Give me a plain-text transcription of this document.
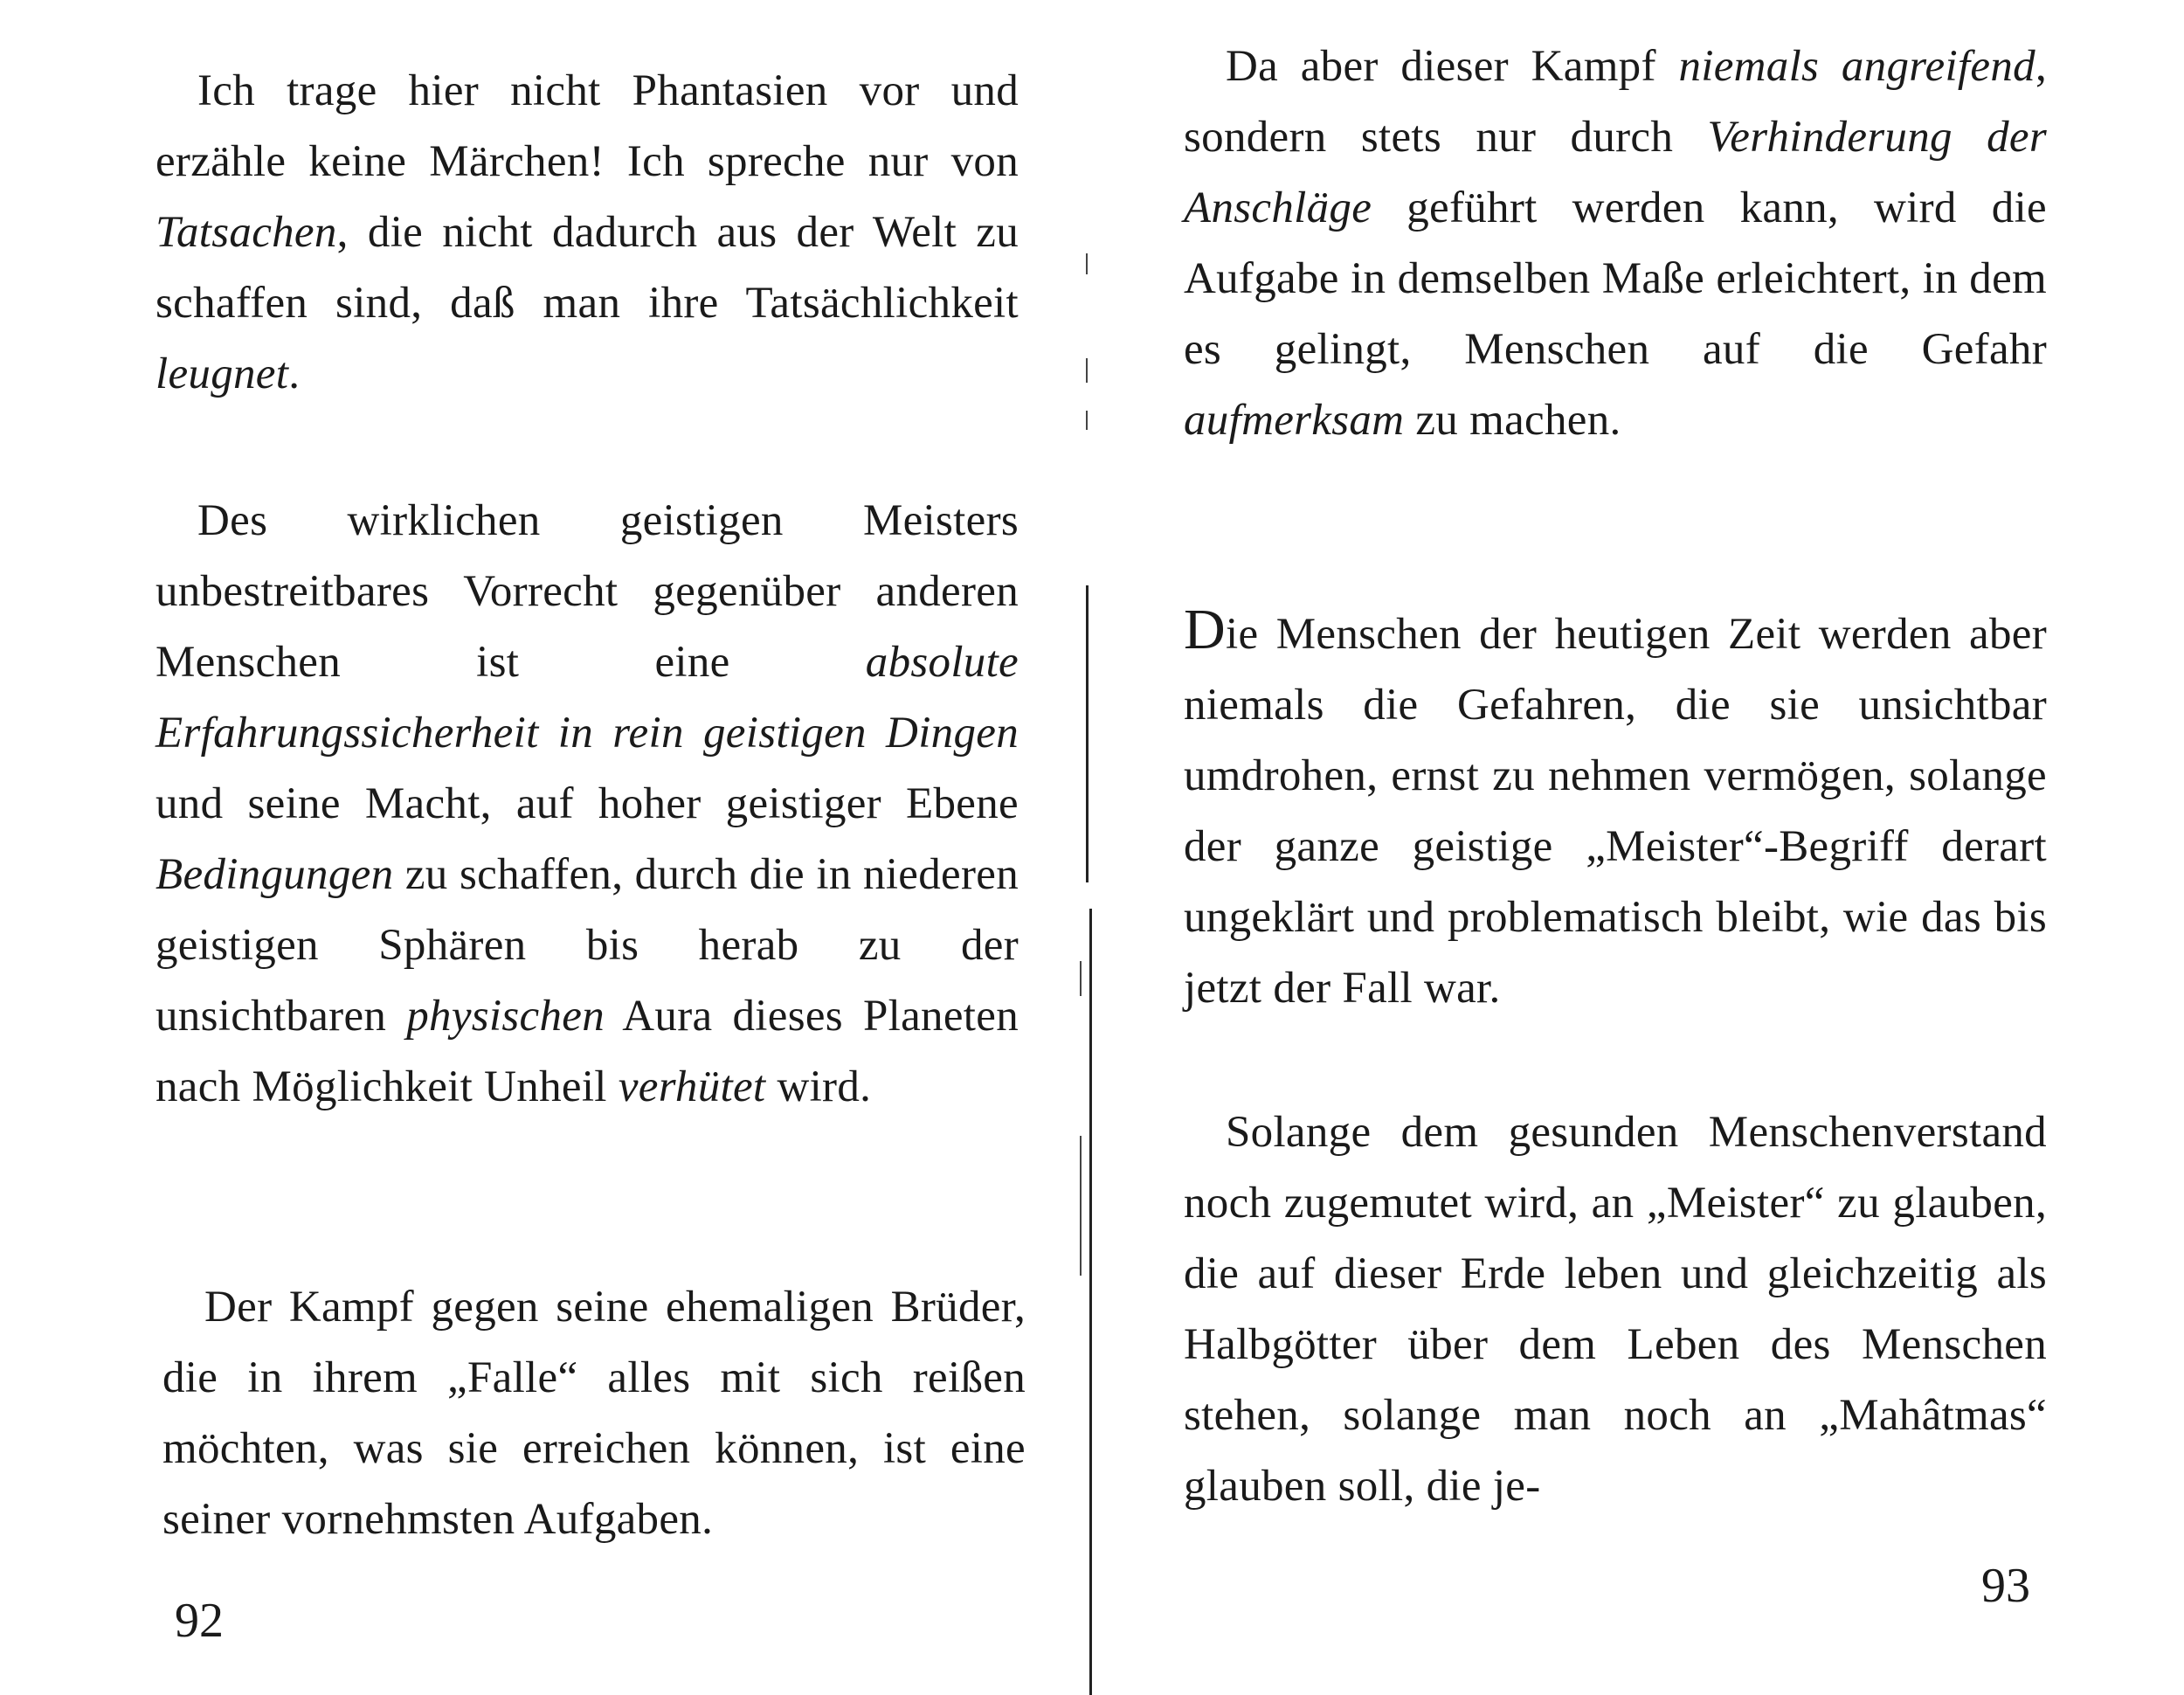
Ich trage hier nicht Phantasien vor und erzähle keine Märchen! Ich spreche nur von Tatsachen, die nicht dadurch aus der Welt zu schaffen sind, daß man ihre Tatsächlichkeit leugnet.

Des wirklichen geistigen Meisters unbestreitbares Vorrecht gegenüber anderen Menschen ist eine absolute Erfahrungssicherheit in rein geistigen Dingen und seine Macht, auf hoher geistiger Ebene Bedingungen zu schaffen, durch die in niederen geistigen Sphären bis herab zu der unsichtbaren physischen Aura dieses Planeten nach Möglichkeit Unheil verhütet wird.

Der Kampf gegen seine ehemaligen Brüder, die in ihrem „Falle“ alles mit sich reißen möchten, was sie erreichen können, ist eine seiner vornehmsten Aufgaben.

92

Da aber dieser Kampf niemals angreifend, sondern stets nur durch Verhinderung der Anschläge geführt werden kann, wird die Aufgabe in demselben Maße erleichtert, in dem es gelingt, Menschen auf die Gefahr aufmerksam zu machen.

Die Menschen der heutigen Zeit werden aber niemals die Gefahren, die sie unsichtbar umdrohen, ernst zu nehmen vermögen, solange der ganze geistige „Meister“-Begriff derart ungeklärt und problematisch bleibt, wie das bis jetzt der Fall war.

Solange dem gesunden Menschenverstand noch zugemutet wird, an „Meister“ zu glauben, die auf dieser Erde leben und gleichzeitig als Halbgötter über dem Leben des Menschen stehen, solange man noch an „Mahâtmas“ glauben soll, die je-

93
